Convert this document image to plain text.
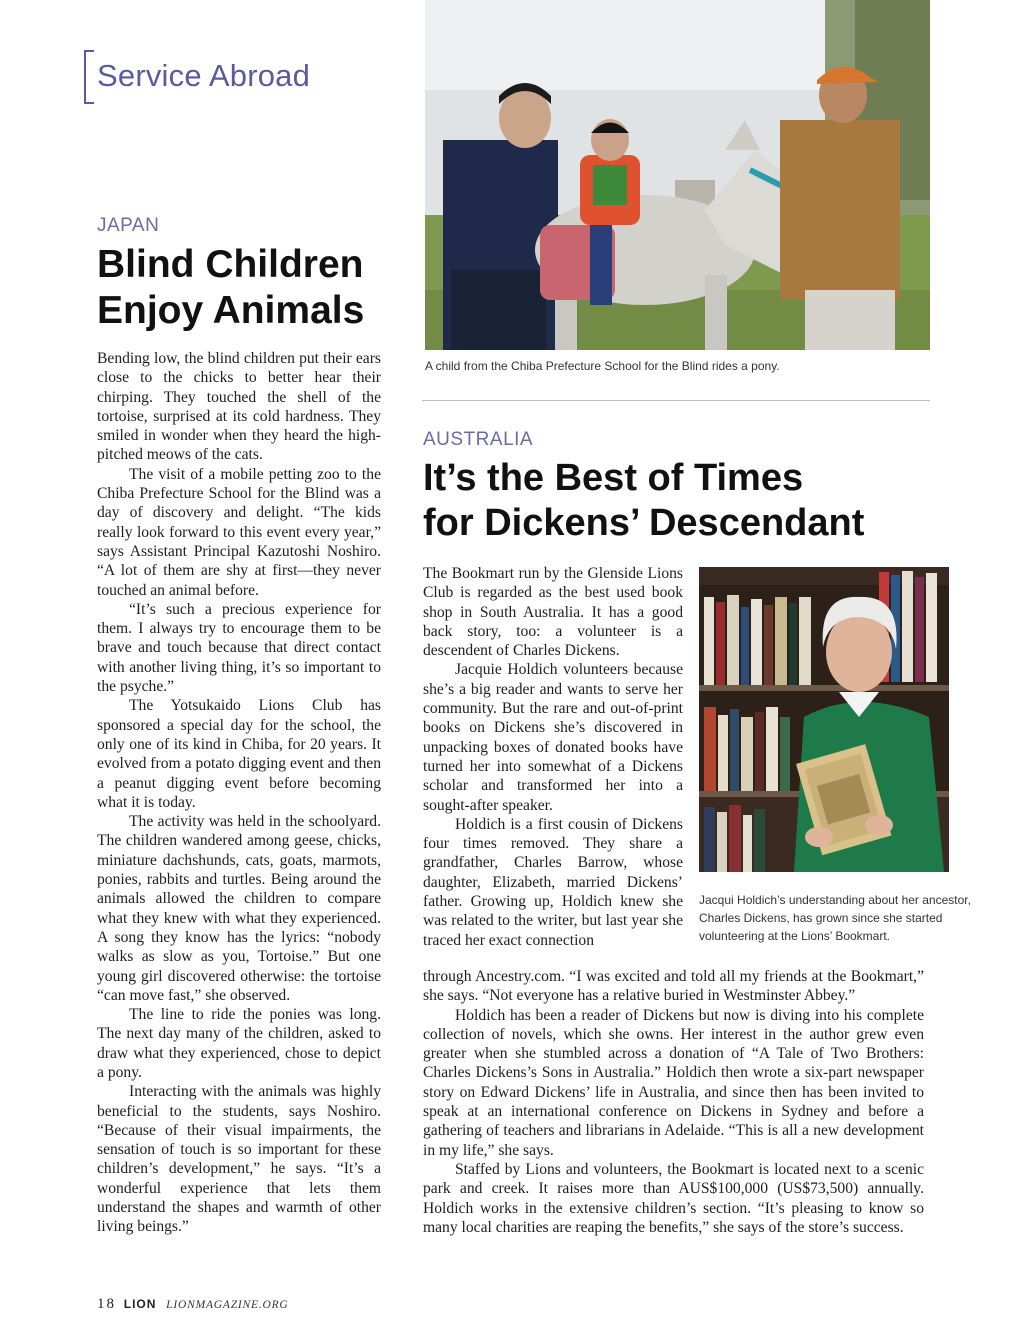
Service Abroad
JAPAN
Blind Children
Enjoy Animals

Bending low, the blind children put their ears close to the chicks to better hear their chirping. They touched the shell of the tortoise, surprised at its cold hardness. They smiled in wonder when they heard the high-pitched meows of the cats.

The visit of a mobile petting zoo to the Chiba Prefecture School for the Blind was a day of discovery and delight. “The kids really look forward to this event every year,” says Assistant Principal Kazutoshi Noshiro. “A lot of them are shy at first—they never touched an animal before.

“It’s such a precious experience for them. I always try to encourage them to be brave and touch because that direct contact with another living thing, it’s so important to the psyche.”

The Yotsukaido Lions Club has sponsored a special day for the school, the only one of its kind in Chiba, for 20 years. It evolved from a potato digging event and then a peanut digging event before becoming what it is today.

The activity was held in the schoolyard. The children wandered among geese, chicks, miniature dachshunds, cats, goats, marmots, ponies, rabbits and turtles. Being around the animals allowed the children to compare what they knew with what they experienced. A song they know has the lyrics: “nobody walks as slow as you, Tortoise.” But one young girl discovered otherwise: the tortoise “can move fast,” she observed.

The line to ride the ponies was long. The next day many of the children, asked to draw what they experienced, chose to depict a pony.

Interacting with the animals was highly beneficial to the students, says Noshiro. “Because of their visual impairments, the sensation of touch is so important for these children’s development,” he says. “It’s a wonderful experience that lets them understand the shapes and warmth of other living beings.”

A child from the Chiba Prefecture School for the Blind rides a pony.
AUSTRALIA
It’s the Best of Times
for Dickens’ Descendant

The Bookmart run by the Glenside Lions Club is regarded as the best used book shop in South Australia. It has a good back story, too: a volunteer is a descendent of Charles Dickens.

Jacquie Holdich volunteers because she’s a big reader and wants to serve her community. But the rare and out-of-print books on Dickens she’s discovered in unpacking boxes of donated books have turned her into somewhat of a Dickens scholar and transformed her into a sought-after speaker.

Holdich is a first cousin of Dickens four times removed. They share a grandfather, Charles Barrow, whose daughter, Elizabeth, married Dickens’ father. Growing up, Holdich knew she was related to the writer, but last year she traced her exact connection

through Ancestry.com. “I was excited and told all my friends at the Bookmart,” she says. “Not everyone has a relative buried in Westminster Abbey.”

Holdich has been a reader of Dickens but now is diving into his complete collection of novels, which she owns. Her interest in the author grew even greater when she stumbled across a donation of “A Tale of Two Brothers: Charles Dickens’s Sons in Australia.” Holdich then wrote a six-part newspaper story on Edward Dickens’ life in Australia, and since then has been invited to speak at an international conference on Dickens in Sydney and before a gathering of teachers and librarians in Adelaide. “This is all a new development in my life,” she says.

Staffed by Lions and volunteers, the Bookmart is located next to a scenic park and creek. It raises more than AUS$100,000 (US$73,500) annually. Holdich works in the extensive children’s section. “It’s pleasing to know so many local charities are reaping the benefits,” she says of the store’s success.

Jacqui Holdich’s understanding about her ancestor,
Charles Dickens, has grown since she started
volunteering at the Lions’ Bookmart.
18 LION LIONMAGAZINE.ORG
